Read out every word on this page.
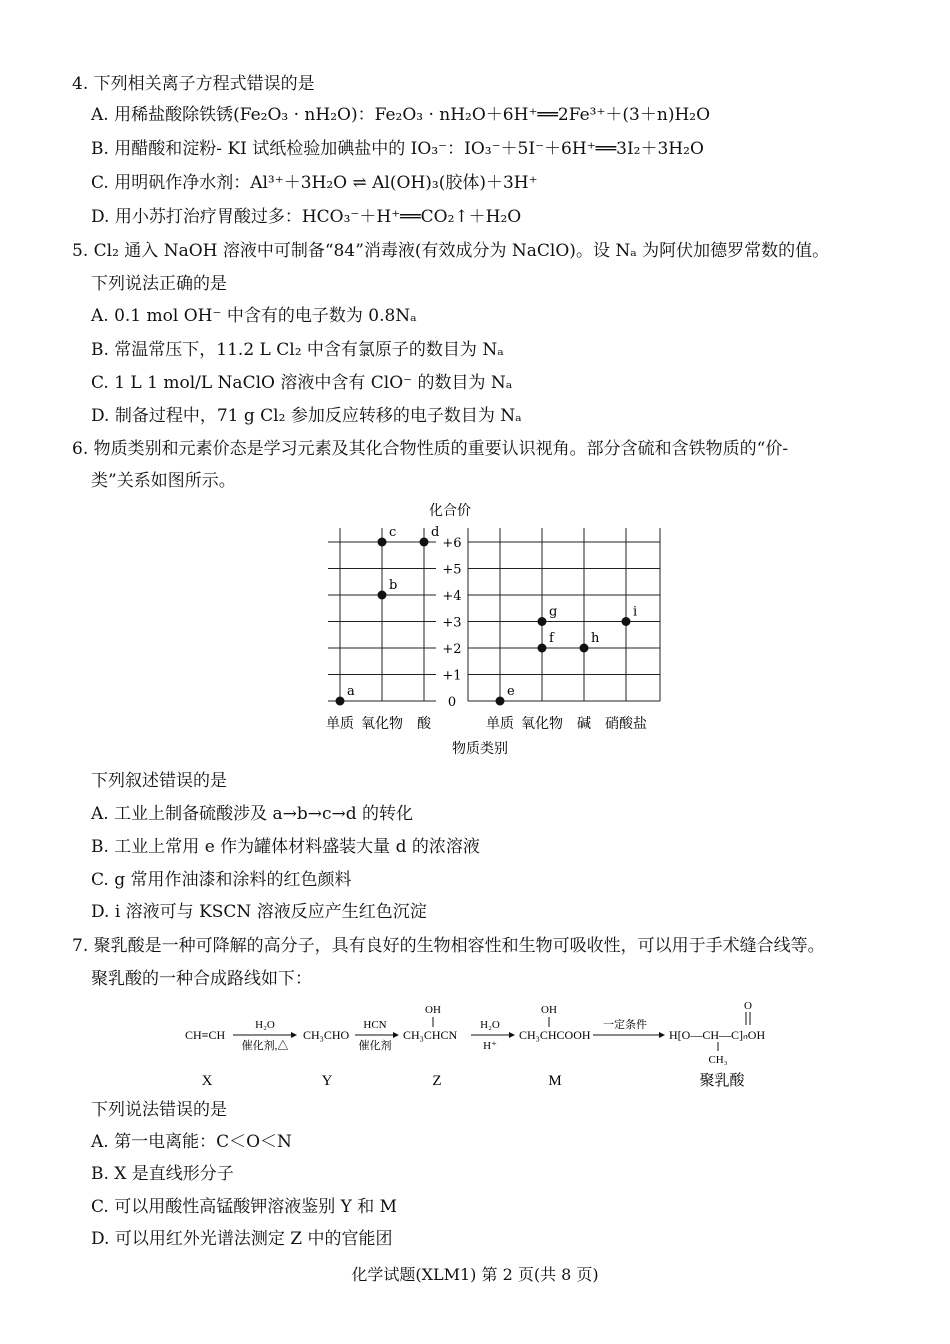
4. 下列相关离子方程式错误的是
A. 用稀盐酸除铁锈(Fe₂O₃ · nH₂O)：Fe₂O₃ · nH₂O＋6H⁺══2Fe³⁺＋(3＋n)H₂O
B. 用醋酸和淀粉- KI 试纸检验加碘盐中的 IO₃⁻：IO₃⁻＋5I⁻＋6H⁺══3I₂＋3H₂O
C. 用明矾作净水剂：Al³⁺＋3H₂O ⇌ Al(OH)₃(胶体)＋3H⁺
D. 用小苏打治疗胃酸过多：HCO₃⁻＋H⁺══CO₂↑＋H₂O
5. Cl₂ 通入 NaOH 溶液中可制备“84”消毒液(有效成分为 NaClO)。设 Nₐ 为阿伏加德罗常数的值。
下列说法正确的是
A. 0.1 mol OH⁻ 中含有的电子数为 0.8Nₐ
B. 常温常压下，11.2 L Cl₂ 中含有氯原子的数目为 Nₐ
C. 1 L 1 mol/L NaClO 溶液中含有 ClO⁻ 的数目为 Nₐ
D. 制备过程中，71 g Cl₂ 参加反应转移的电子数目为 Nₐ
6. 物质类别和元素价态是学习元素及其化合物性质的重要认识视角。部分含硫和含铁物质的“价-
类”关系如图所示。
+6
+5
+4
+3
+2
+1
0
单质 氧化物 酸	单质 氧化物 碱 硝酸盐
a
b
c	d
e
f
g
h
i
化合价
物质类别
下列叙述错误的是
A. 工业上制备硫酸涉及 a→b→c→d 的转化
B. 工业上常用 e 作为罐体材料盛装大量 d 的浓溶液
C. g 常用作油漆和涂料的红色颜料
D. i 溶液可与 KSCN 溶液反应产生红色沉淀
7. 聚乳酸是一种可降解的高分子，具有良好的生物相容性和生物可吸收性，可以用于手术缝合线等。
聚乳酸的一种合成路线如下：
CH≡CH
H₂O
催化剂,△
CH₃CHO
HCN
催化剂
OH
CH₃CHCN
H₂O
H⁺
OH
CH₃CHCOOH
一定条件
O
H[O—CH—C]ₙOH
CH₃
X	Y	Z	M	聚乳酸
下列说法错误的是
A. 第一电离能：C＜O＜N
B. X 是直线形分子
C. 可以用酸性高锰酸钾溶液鉴别 Y 和 M
D. 可以用红外光谱法测定 Z 中的官能团
化学试题(XLM1) 第 2 页(共 8 页)
